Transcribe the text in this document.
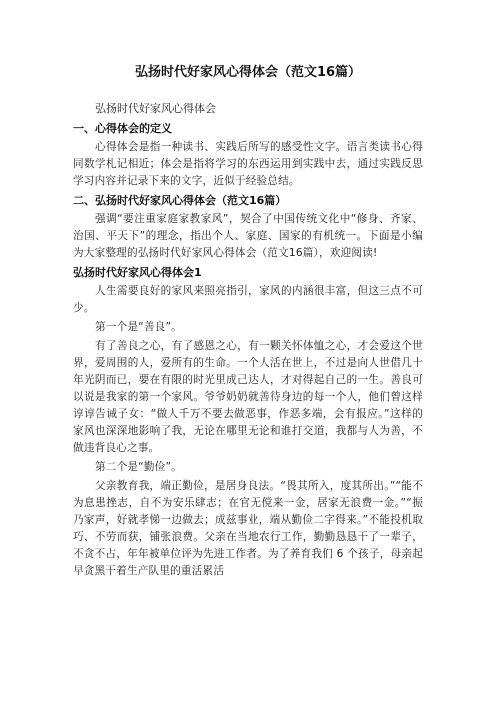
弘扬时代好家风心得体会（范文16篇）
弘扬时代好家风心得体会
一、心得体会的定义

心得体会是指一种读书、实践后所写的感受性文字。语言类读书心得同数学札记相近；体会是指将学习的东西运用到实践中去，通过实践反思学习内容并记录下来的文字，近似于经验总结。

二、弘扬时代好家风心得体会（范文16篇）

强调“要注重家庭家教家风”，契合了中国传统文化中“修身、齐家、治国、平天下”的理念，指出个人、家庭、国家的有机统一。下面是小编为大家整理的弘扬时代好家风心得体会（范文16篇），欢迎阅读!

弘扬时代好家风心得体会1

人生需要良好的家风来照亮指引，家风的内涵很丰富，但这三点不可少。

第一个是“善良”。

有了善良之心，有了感恩之心，有一颗关怀体恤之心，才会爱这个世界，爱周围的人，爱所有的生命。一个人活在世上，不过是向人世借几十年光阴而已，要在有限的时光里成己达人，才对得起自己的一生。善良可以说是我家的第一个家风。爷爷奶奶就善待身边的每一个人，他们曾这样谆谆告诫子女：“做人千万不要去做恶事，作恶多端，会有报应。”这样的家风也深深地影响了我，无论在哪里无论和谁打交道，我都与人为善，不做违背良心之事。

第二个是“勤俭”。

父亲教育我，端正勤俭，是居身良法。“畏其所入，度其所出。”“能不为息患挫志，自不为安乐肆志；在官无傥来一金，居家无浪费一金。”“振乃家声，好就孝悌一边做去；成兹事业，端从勤俭二字得来。”不能投机取巧、不劳而获，铺张浪费。父亲在当地农行工作，勤勤恳恳干了一辈子，不贪不占，年年被单位评为先进工作者。为了养育我们 6 个孩子，母亲起早贪黑干着生产队里的重活累活
